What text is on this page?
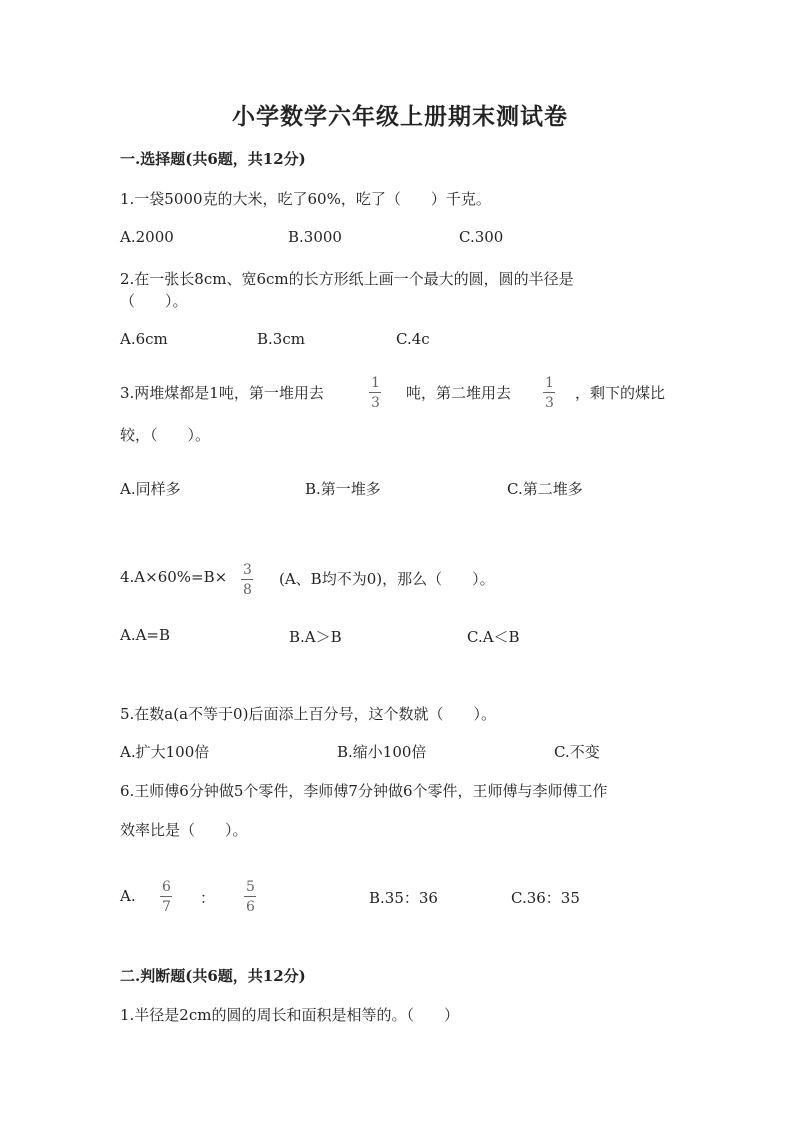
小学数学六年级上册期末测试卷
一.选择题(共6题，共12分)
1.一袋5000克的大米，吃了60%，吃了（　　）千克。
A.2000	B.3000	C.300
2.在一张长8cm、宽6cm的长方形纸上画一个最大的圆，圆的半径是
（　　）。
A.6cm	B.3cm	C.4c
3.两堆煤都是1吨，第一堆用去
1
3
吨，第二堆用去
1
3
，剩下的煤比
较，（　　）。
A.同样多	B.第一堆多	C.第二堆多
4.A×60%=B× 3
8
(A、B均不为0)，那么（　　）。
A.A=B	B.A＞B	C.A＜B
5.在数a(a不等于0)后面添上百分号，这个数就（　　）。
A.扩大100倍	B.缩小100倍	C.不变
6.王师傅6分钟做5个零件，李师傅7分钟做6个零件，王师傅与李师傅工作
效率比是（　　）。
A. 6
7 ：
5
6	B.35：36	C.36：35
二.判断题(共6题，共12分)
1.半径是2cm的圆的周长和面积是相等的。（　　）
